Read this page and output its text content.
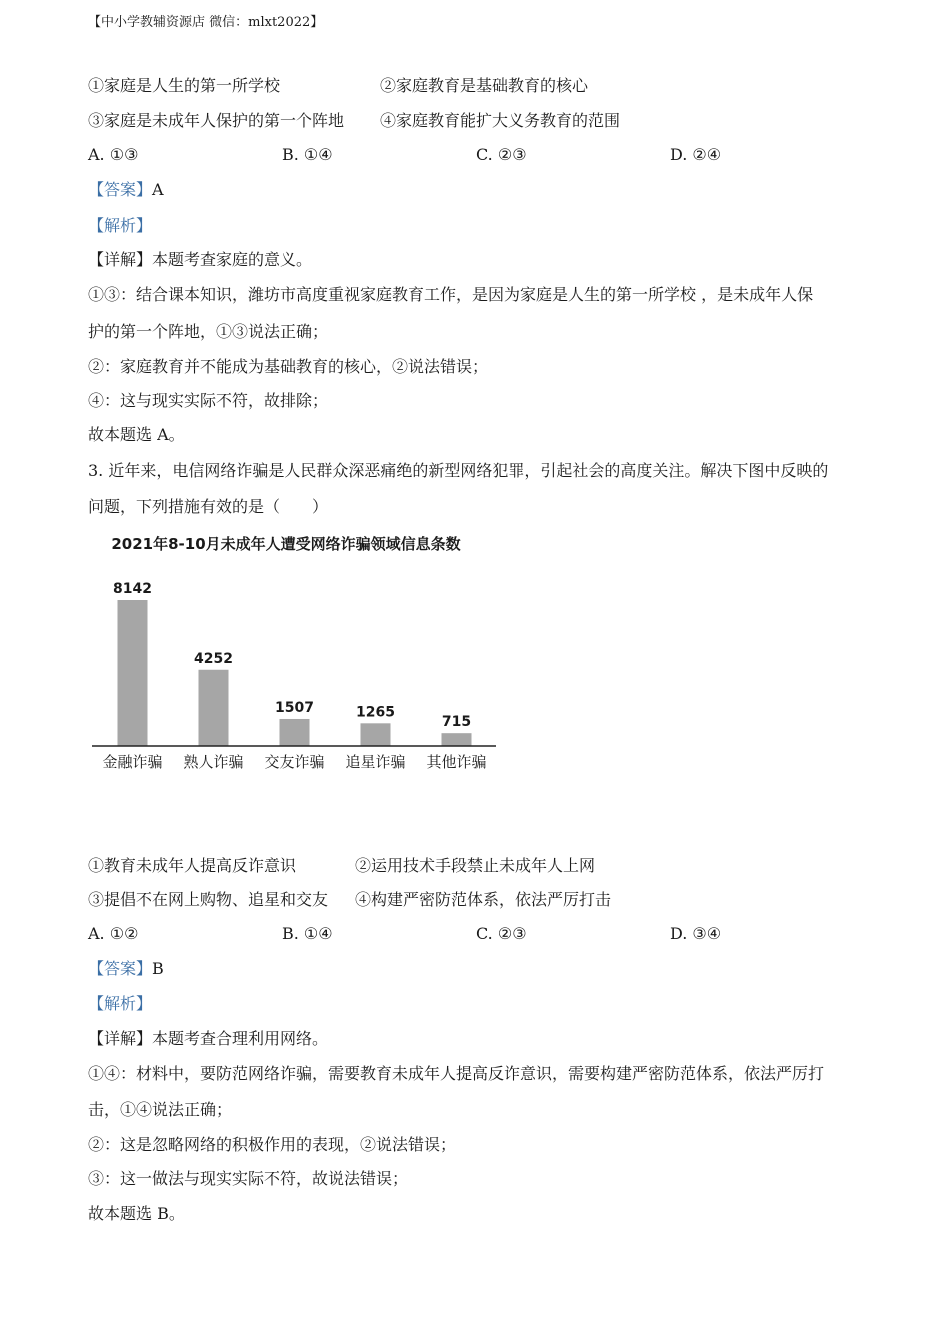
【中小学教辅资源店 微信：mlxt2022】
①家庭是人生的第一所学校	②家庭教育是基础教育的核心
③家庭是未成年人保护的第一个阵地 ④家庭教育能扩大义务教育的范围
A. ①③	B. ①④	C. ②③	D. ②④
【答案】A
【解析】
【详解】本题考查家庭的意义。
①③：结合课本知识，潍坊市高度重视家庭教育工作，是因为家庭是人生的第一所学校 ，是未成年人保
护的第一个阵地，①③说法正确；
②：家庭教育并不能成为基础教育的核心，②说法错误；
④：这与现实实际不符，故排除；
故本题选 A。
3. 近年来，电信网络诈骗是人民群众深恶痛绝的新型网络犯罪，引起社会的高度关注。解决下图中反映的
问题，下列措施有效的是（　　）
2021年8-10月未成年人遭受网络诈骗领域信息条数
8142
金融诈骗
4252
熟人诈骗
1507
交友诈骗
1265
追星诈骗
715
其他诈骗
①教育未成年人提高反诈意识	②运用技术手段禁止未成年人上网
③提倡不在网上购物、追星和交友 ④构建严密防范体系，依法严厉打击
A. ①②	B. ①④	C. ②③	D. ③④
【答案】B
【解析】
【详解】本题考查合理利用网络。
①④：材料中，要防范网络诈骗，需要教育未成年人提高反诈意识，需要构建严密防范体系，依法严厉打
击，①④说法正确；
②：这是忽略网络的积极作用的表现，②说法错误；
③：这一做法与现实实际不符，故说法错误；
故本题选 B。
